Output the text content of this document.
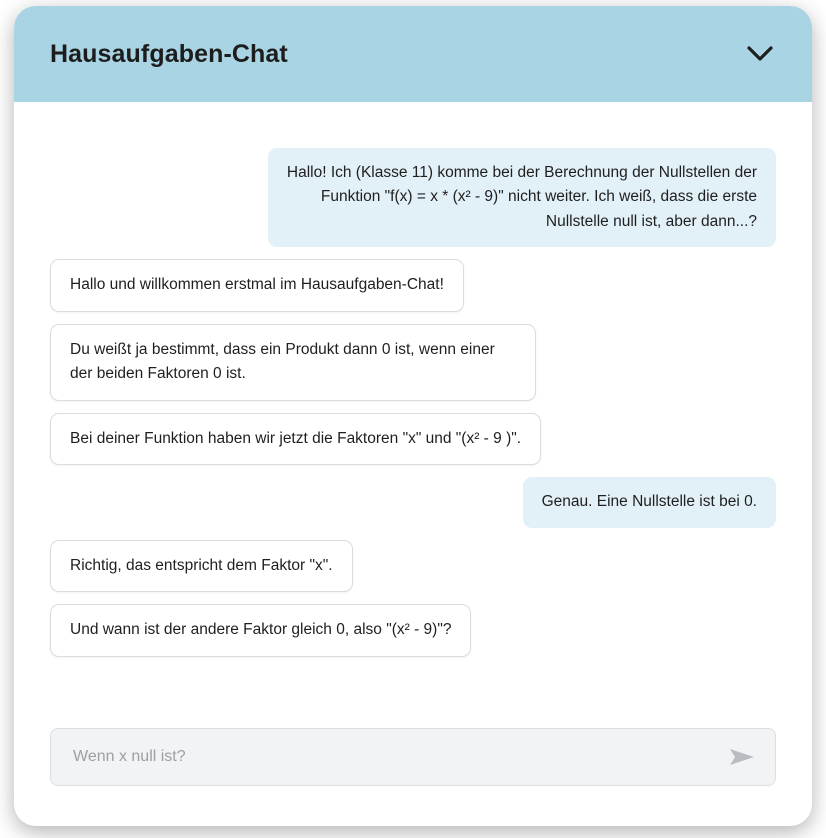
Hausaufgaben-Chat
Hallo! Ich (Klasse 11) komme bei der Berechnung der Nullstellen der Funktion "f(x) = x * (x² - 9)" nicht weiter. Ich weiß, dass die erste Nullstelle null ist, aber dann...?
Hallo und willkommen erstmal im Hausaufgaben-Chat!
Du weißt ja bestimmt, dass ein Produkt dann 0 ist, wenn einer der beiden Faktoren 0 ist.
Bei deiner Funktion haben wir jetzt die Faktoren "x" und "(x² - 9 )".
Genau. Eine Nullstelle ist bei 0.
Richtig, das entspricht dem Faktor "x".
Und wann ist der andere Faktor gleich 0, also "(x² - 9)"?
Wenn x null ist?
